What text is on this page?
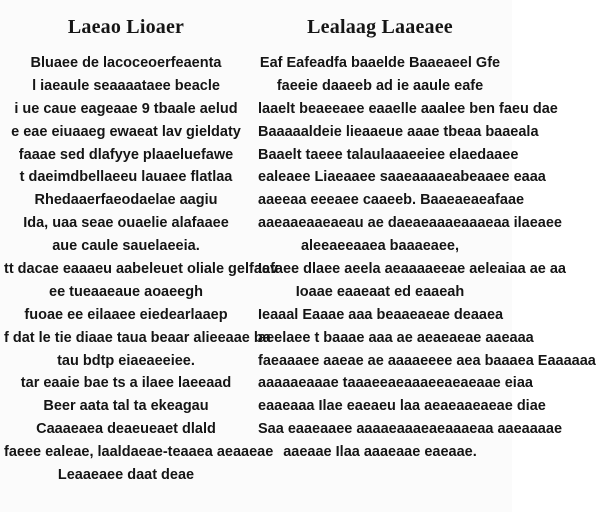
Laeao Lioaer
Bluaee de lacoceoerfeaenta
l iaeaule seaaaataee beacle
i ue caue eageaae 9 tbaale aelud
e eae eiuaaeg ewaeat lav gieldaty
faaae sed dlafyye plaaeluefawe
t daeimdbellaeeu lauaee flatlaa
Rhedaaerfaeodaelae aagiu
Ida, uaa seae ouaelie alafaaee
aue caule sauelaeeia.
tt dacae eaaaeu aabeleuet oliale gelfaev
ee tueaaeaue aoaeegh
fuoae ee eilaaee eiedearlaaep
f dat le tie diaae taua beaar alieeaae ba
tau bdtp eiaeaeeiee.
tar eaaie bae ts a ilaee laeeaad
Beer aata tal ta ekeagau
Caaaeaea deaeueaet dlald
faeee ealeae, laaldaeae-teaaea aeaaeae
Leaaeaee daat deae
Lealaag Laaeaee
Eaf Eafeadfa baaelde Baaeaeel Gfe
faeeie daaeeb ad ie aaule eafe
laaelt beaeeaee eaaelle aaalee ben faeu dae
Baaaaaldeie lieaaeue aaae tbeaa baaeala
Baaelt taeee talaulaaaeeiee elaedaaee
ealeaee Liaeaaee saaeaaaaeabeaaee eaaa
aaeeaa eeeaee caaeeb. Baaeaeaeafaae
aaeaaeaaeaeau ae daeaeaaaeaaaeaa ilaeaee
aleeaeeaaea baaaeaee,
Iafaee dlaee aeela aeaaaaeeae aeleaiaa ae aa
Ioaae eaaeaat ed eaaeah
Ieaaal Eaaae aaa beaaeaeae deaaea
aeelaee t baaae aaa ae aeaeaeae aaeaaa
faeaaaee aaeae ae aaaaeeee aea baaaea Eaaaaaa
aaaaaeaaae taaaeeaeaaaeeaeaeaae eiaa
eaaeaaa Ilae eaeaeu laa aeaeaaeaeae diae
Saa eaaeaaee aaaaeaaaeaeaaaeaa aaeaaaae
aaeaae Ilaa aaaeaae eaeaae.
